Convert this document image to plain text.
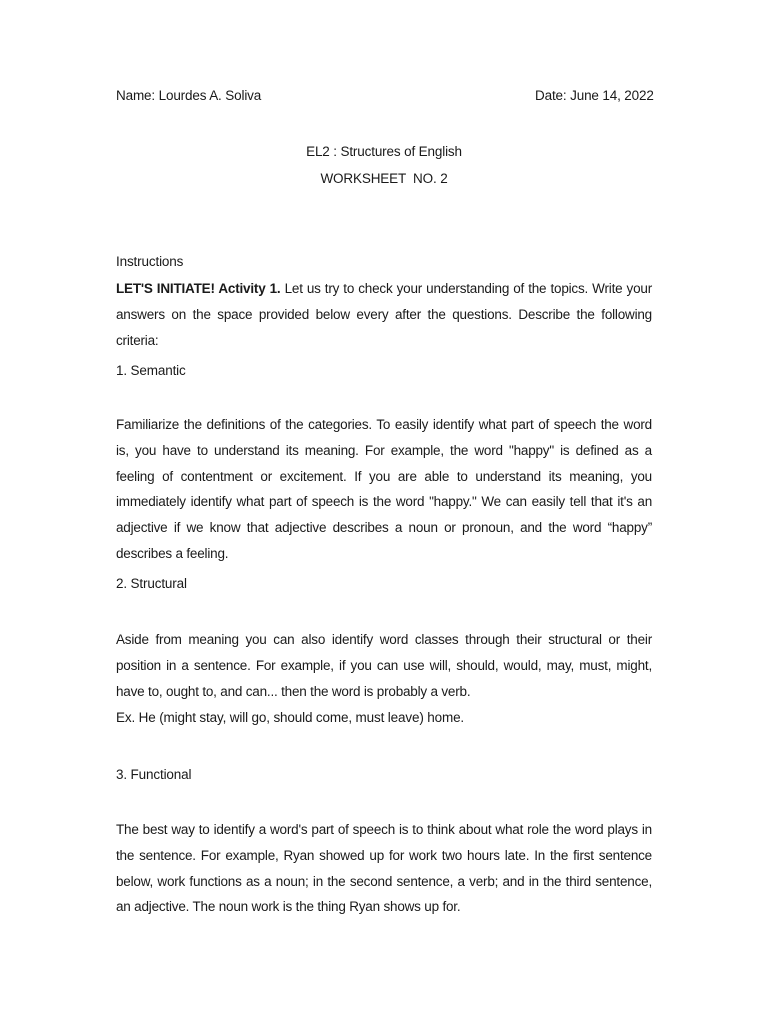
Name: Lourdes A. Soliva	Date: June 14, 2022
EL2 : Structures of English
WORKSHEET  NO. 2
Instructions
LET'S INITIATE! Activity 1. Let us try to check your understanding of the topics. Write your answers on the space provided below every after the questions. Describe the following criteria:
1. Semantic
Familiarize the definitions of the categories. To easily identify what part of speech the word is, you have to understand its meaning. For example, the word "happy" is defined as a feeling of contentment or excitement. If you are able to understand its meaning, you immediately identify what part of speech is the word "happy." We can easily tell that it's an adjective if we know that adjective describes a noun or pronoun, and the word “happy” describes a feeling.
2. Structural
Aside from meaning you can also identify word classes through their structural or their position in a sentence. For example, if you can use will, should, would, may, must, might, have to, ought to, and can... then the word is probably a verb.
Ex. He (might stay, will go, should come, must leave) home.
3. Functional
The best way to identify a word's part of speech is to think about what role the word plays in the sentence. For example, Ryan showed up for work two hours late. In the first sentence below, work functions as a noun; in the second sentence, a verb; and in the third sentence, an adjective. The noun work is the thing Ryan shows up for.
